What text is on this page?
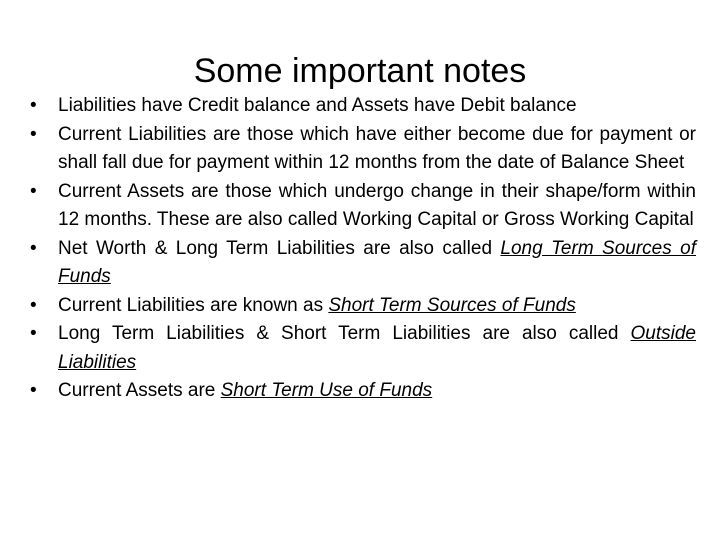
Some important notes
• Liabilities have Credit balance and Assets have Debit balance
• Current Liabilities are those which have either become due for payment or shall fall due for payment within 12 months from the date of Balance Sheet
• Current Assets are those which undergo change in their shape/form within 12 months. These are also called Working Capital or Gross Working Capital
• Net Worth & Long Term Liabilities are also called Long Term Sources of Funds
• Current Liabilities are known as Short Term Sources of Funds
• Long Term Liabilities & Short Term Liabilities are also called Outside Liabilities
• Current Assets are Short Term Use of Funds
